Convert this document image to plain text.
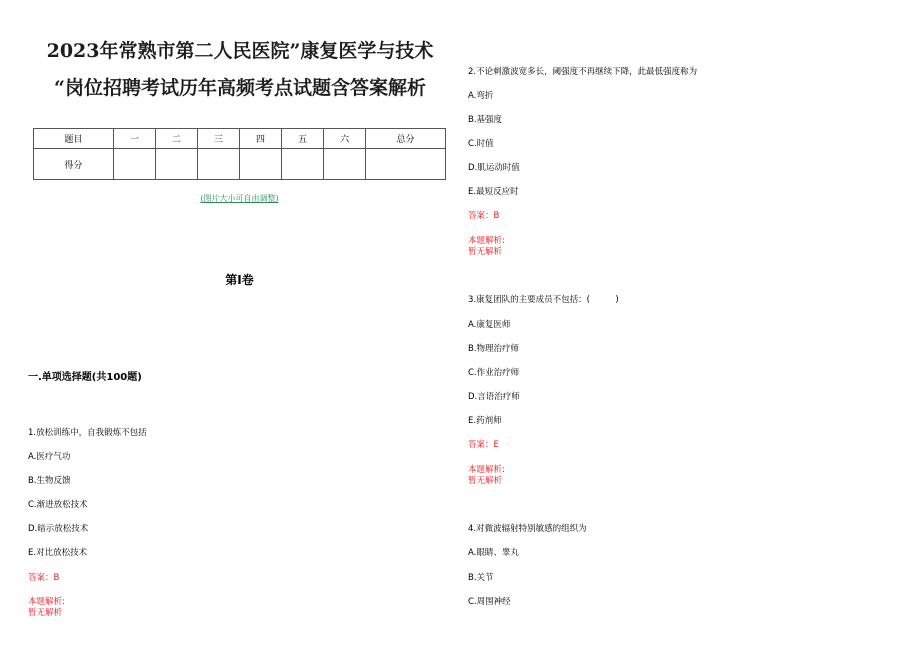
2023年常熟市第二人民医院”康复医学与技术
“岗位招聘考试历年高频考点试题含答案解析
题目	一	二	三	四	五	六	总分
得分							
(图片大小可自由调整)
第Ⅰ卷
一.单项选择题(共100题)
1.放松训练中，自我锻炼不包括
A.医疗气功
B.生物反馈
C.渐进放松技术
D.暗示放松技术
E.对比放松技术
答案：B
本题解析:
暂无解析
2.不论刺激波宽多长，阈强度不再继续下降，此最低强度称为
A.弯折
B.基强度
C.时值
D.肌运动时值
E.最短反应时
答案：B
本题解析:
暂无解析
3.康复团队的主要成员不包括：(　　　)
A.康复医师
B.物理治疗师
C.作业治疗师
D.言语治疗师
E.药剂师
答案：E
本题解析:
暂无解析
4.对微波辐射特别敏感的组织为
A.眼睛、睾丸
B.关节
C.周围神经
